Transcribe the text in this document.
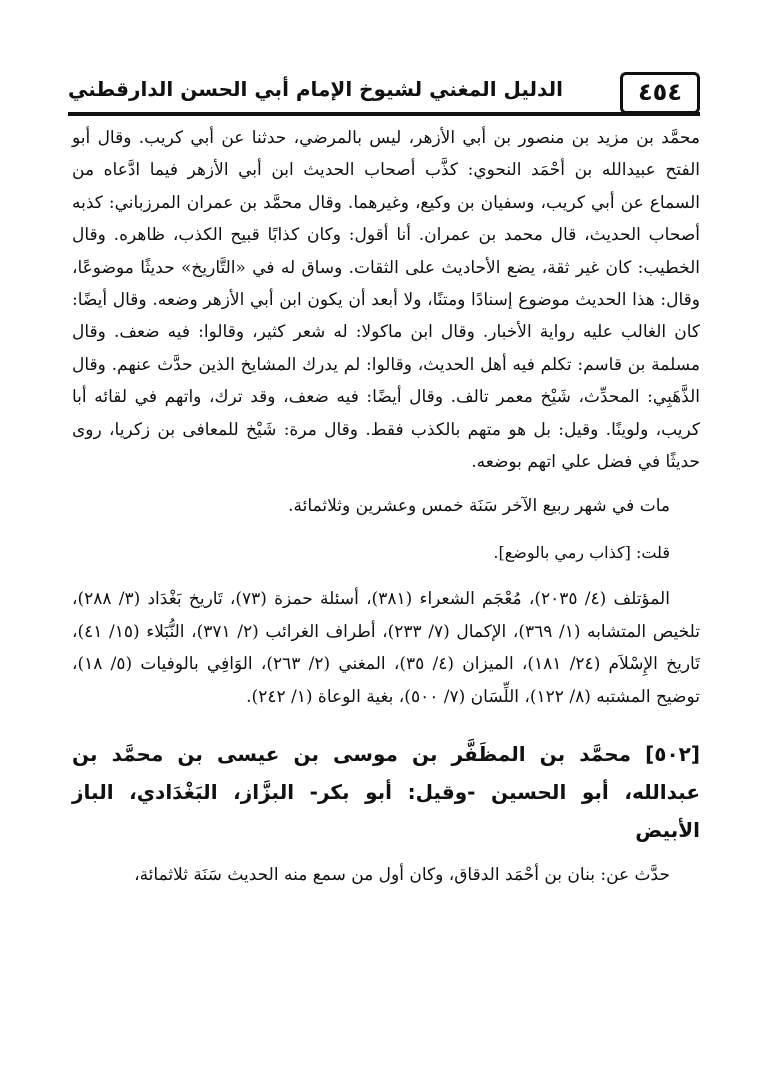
٤٥٤
الدليل المغني لشيوخ الإمام أبي الحسن الدارقطني

محمَّد بن مزيد بن منصور بن أبي الأزهر، ليس بالمرضي، حدثنا عن أبي كريب. وقال أبو الفتح عبيدالله بن أحْمَد النحوي: كذَّب أصحاب الحديث ابن أبي الأزهر فيما ادَّعاه من السماع عن أبي كريب، وسفيان بن وكيع، وغيرهما. وقال محمَّد بن عمران المرزباني: كذبه أصحاب الحديث، قال محمد بن عمران. أنا أقول: وكان كذابًا قبيح الكذب، ظاهره. وقال الخطيب: كان غير ثقة، يضع الأحاديث على الثقات. وساق له في «التَّاريخ» حديثًا موضوعًا، وقال: هذا الحديث موضوع إسنادًا ومتنًا، ولا أبعد أن يكون ابن أبي الأزهر وضعه. وقال أيضًا: كان الغالب عليه رواية الأخبار. وقال ابن ماكولا: له شعر كثير، وقالوا: فيه ضعف. وقال مسلمة بن قاسم: تكلم فيه أهل الحديث، وقالوا: لم يدرك المشايخ الذين حدَّث عنهم. وقال الذَّهَبِي: المحدِّث، شَيْخ معمر تالف. وقال أيضًا: فيه ضعف، وقد ترك، واتهم في لقائه أبا كريب، ولوينًا. وقيل: بل هو متهم بالكذب فقط. وقال مرة: شَيْخ للمعافى بن زكريا، روى حديثًا في فضل علي اتهم بوضعه.

مات في شهر ربيع الآخر سَنَة خمس وعشرين وثلاثمائة.

قلت: [كذاب رمي بالوضع].

المؤتلف (٤/ ٢٠٣٥)، مُعْجَم الشعراء (٣٨١)، أسئلة حمزة (٧٣)، تَاريخ بَغْدَاد (٣/ ٢٨٨)، تلخيص المتشابه (١/ ٣٦٩)، الإكمال (٧/ ٢٣٣)، أطراف الغرائب (٢/ ٣٧١)، النُّبَلاء (١٥/ ٤١)، تَاريخ الإِسْلاَم (٢٤/ ١٨١)، الميزان (٤/ ٣٥)، المغني (٢/ ٢٦٣)، الوَافِي بالوفيات (٥/ ١٨)، توضيح المشتبه (٨/ ١٢٢)، اللِّسَان (٧/ ٥٠٠)، بغية الوعاة (١/ ٢٤٢).

[٥٠٢] محمَّد بن المظَفَّر بن موسى بن عيسى بن محمَّد بن عبدالله، أبو الحسين -وقيل: أبو بكر- البزَّاز، البَغْدَادي، الباز الأبيض

حدَّث عن: بنان بن أحْمَد الدقاق، وكان أول من سمع منه الحديث سَنَة ثلاثمائة،
